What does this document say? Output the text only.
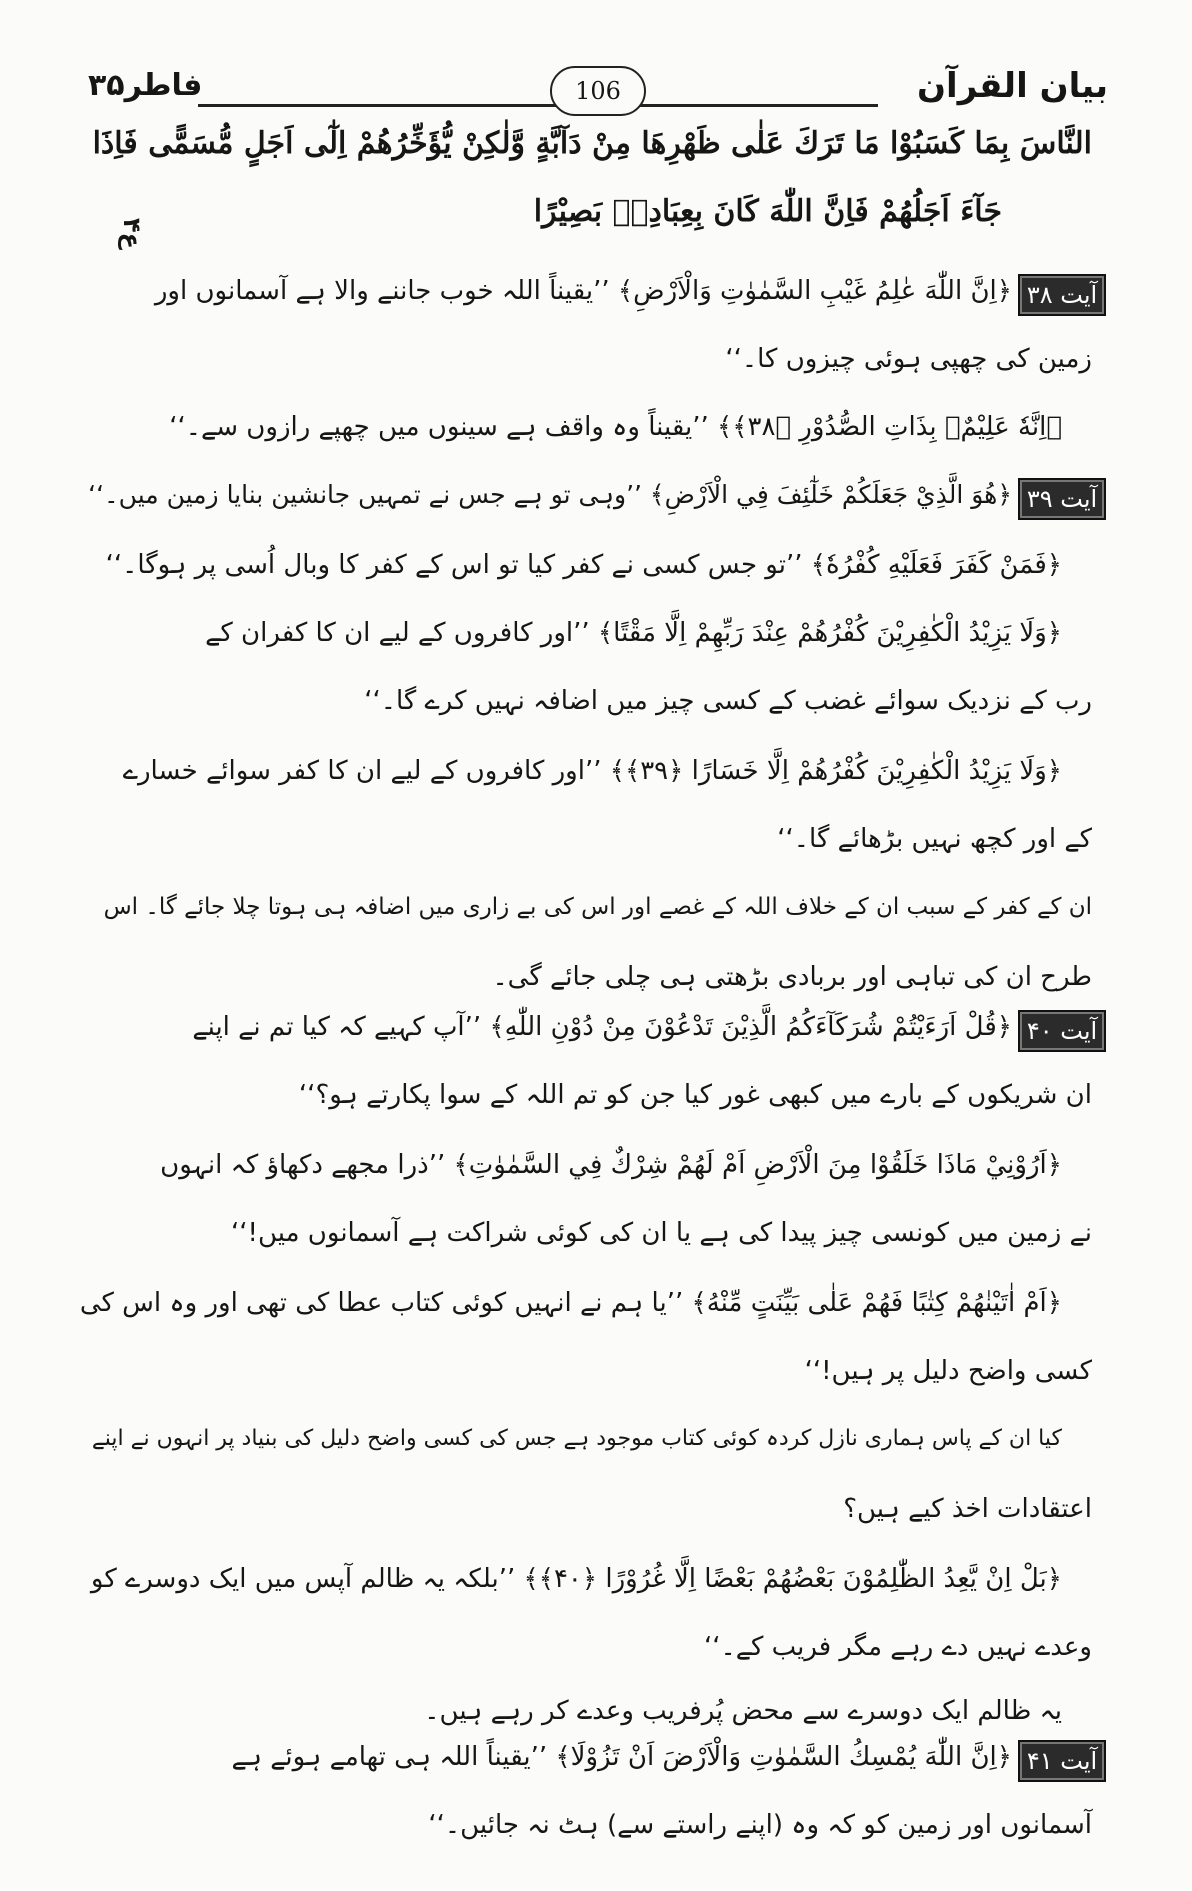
فاطر۳۵	106	بیان القرآن
ع۴
آیت ۳۸
آیت ۳۹
آیت ۴۰
آیت ۴۱
النَّاسَ بِمَا كَسَبُوْا مَا تَرَكَ عَلٰى ظَهْرِهَا مِنْ دَآبَّةٍ وَّلٰكِنْ يُّؤَخِّرُهُمْ اِلٰٓى اَجَلٍ مُّسَمًّى فَاِذَا
جَآءَ اَجَلُهُمْ فَاِنَّ اللّٰهَ كَانَ بِعِبَادِهٖ بَصِيْرًا
﴿اِنَّ اللّٰهَ عٰلِمُ غَيْبِ السَّمٰوٰتِ وَالْاَرْضِ﴾ ’’یقیناً اللہ خوب جاننے والا ہے آسمانوں اور
زمین کی چھپی ہوئی چیزوں کا۔‘‘
﴿اِنَّهٗ عَلِيْمٌۢ بِذَاتِ الصُّدُوْرِ ﴿۳۸﴾﴾ ’’یقیناً وہ واقف ہے سینوں میں چھپے رازوں سے۔‘‘
﴿هُوَ الَّذِيْ جَعَلَكُمْ خَلٰٓئِفَ فِي الْاَرْضِ﴾ ’’وہی تو ہے جس نے تمہیں جانشین بنایا زمین میں۔‘‘
﴿فَمَنْ كَفَرَ فَعَلَيْهِ كُفْرُهٗ﴾ ’’تو جس کسی نے کفر کیا تو اس کے کفر کا وبال اُسی پر ہوگا۔‘‘
﴿وَلَا يَزِيْدُ الْكٰفِرِيْنَ كُفْرُهُمْ عِنْدَ رَبِّهِمْ اِلَّا مَقْتًا﴾ ’’اور کافروں کے لیے ان کا کفران کے
رب کے نزدیک سوائے غضب کے کسی چیز میں اضافہ نہیں کرے گا۔‘‘
﴿وَلَا يَزِيْدُ الْكٰفِرِيْنَ كُفْرُهُمْ اِلَّا خَسَارًا ﴿۳۹﴾﴾ ’’اور کافروں کے لیے ان کا کفر سوائے خسارے
کے اور کچھ نہیں بڑھائے گا۔‘‘
ان کے کفر کے سبب ان کے خلاف اللہ کے غصے اور اس کی بے زاری میں اضافہ ہی ہوتا چلا جائے گا۔ اس
طرح ان کی تباہی اور بربادی بڑھتی ہی چلی جائے گی۔
﴿قُلْ اَرَءَيْتُمْ شُرَكَآءَكُمُ الَّذِيْنَ تَدْعُوْنَ مِنْ دُوْنِ اللّٰهِ﴾ ’’آپ کہیے کہ کیا تم نے اپنے
ان شریکوں کے بارے میں کبھی غور کیا جن کو تم اللہ کے سوا پکارتے ہو؟‘‘
﴿اَرُوْنِيْ مَاذَا خَلَقُوْا مِنَ الْاَرْضِ اَمْ لَهُمْ شِرْكٌ فِي السَّمٰوٰتِ﴾ ’’ذرا مجھے دکھاؤ کہ انہوں
نے زمین میں کونسی چیز پیدا کی ہے یا ان کی کوئی شراکت ہے آسمانوں میں!‘‘
﴿اَمْ اٰتَيْنٰهُمْ كِتٰبًا فَهُمْ عَلٰى بَيِّنَتٍ مِّنْهُ﴾ ’’یا ہم نے انہیں کوئی کتاب عطا کی تھی اور وہ اس کی
کسی واضح دلیل پر ہیں!‘‘
کیا ان کے پاس ہماری نازل کردہ کوئی کتاب موجود ہے جس کی کسی واضح دلیل کی بنیاد پر انہوں نے اپنے
اعتقادات اخذ کیے ہیں؟
﴿بَلْ اِنْ يَّعِدُ الظّٰلِمُوْنَ بَعْضُهُمْ بَعْضًا اِلَّا غُرُوْرًا ﴿۴۰﴾﴾ ’’بلکہ یہ ظالم آپس میں ایک دوسرے کو
وعدے نہیں دے رہے مگر فریب کے۔‘‘
یہ ظالم ایک دوسرے سے محض پُرفریب وعدے کر رہے ہیں۔
﴿اِنَّ اللّٰهَ يُمْسِكُ السَّمٰوٰتِ وَالْاَرْضَ اَنْ تَزُوْلَا﴾ ’’یقیناً اللہ ہی تھامے ہوئے ہے
آسمانوں اور زمین کو کہ وہ (اپنے راستے سے) ہٹ نہ جائیں۔‘‘
